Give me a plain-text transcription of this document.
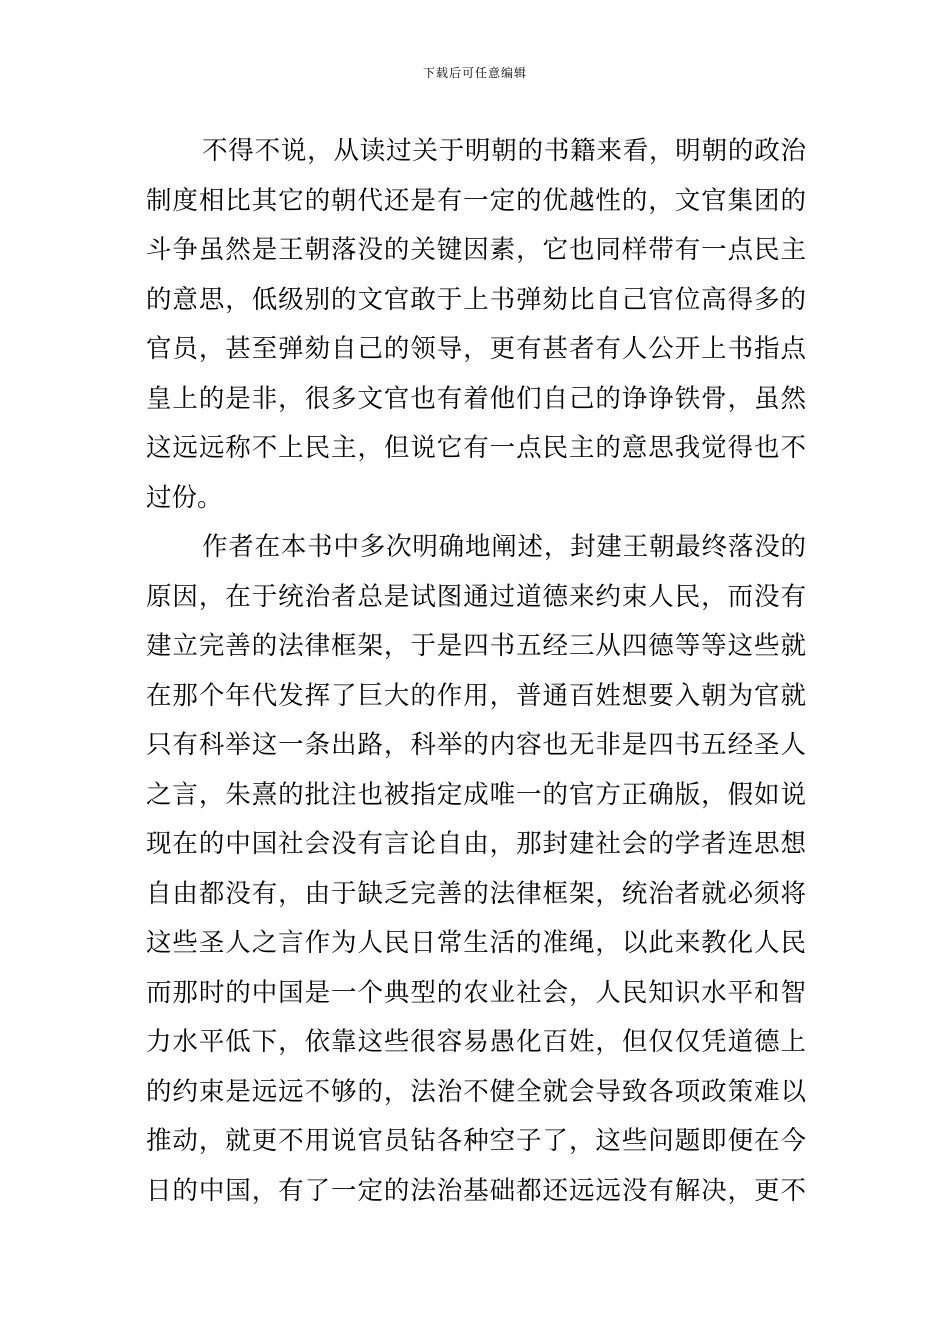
下载后可任意编辑
不得不说，从读过关于明朝的书籍来看，明朝的政治
制度相比其它的朝代还是有一定的优越性的，文官集团的
斗争虽然是王朝落没的关键因素，它也同样带有一点民主
的意思，低级别的文官敢于上书弹劾比自己官位高得多的
官员，甚至弹劾自己的领导，更有甚者有人公开上书指点
皇上的是非，很多文官也有着他们自己的诤诤铁骨，虽然
这远远称不上民主，但说它有一点民主的意思我觉得也不
过份。
作者在本书中多次明确地阐述，封建王朝最终落没的
原因，在于统治者总是试图通过道德来约束人民，而没有
建立完善的法律框架，于是四书五经三从四德等等这些就
在那个年代发挥了巨大的作用，普通百姓想要入朝为官就
只有科举这一条出路，科举的内容也无非是四书五经圣人
之言，朱熹的批注也被指定成唯一的官方正确版，假如说
现在的中国社会没有言论自由，那封建社会的学者连思想
自由都没有，由于缺乏完善的法律框架，统治者就必须将
这些圣人之言作为人民日常生活的准绳，以此来教化人民
而那时的中国是一个典型的农业社会，人民知识水平和智
力水平低下，依靠这些很容易愚化百姓，但仅仅凭道德上
的约束是远远不够的，法治不健全就会导致各项政策难以
推动，就更不用说官员钻各种空子了，这些问题即便在今
日的中国，有了一定的法治基础都还远远没有解决，更不
